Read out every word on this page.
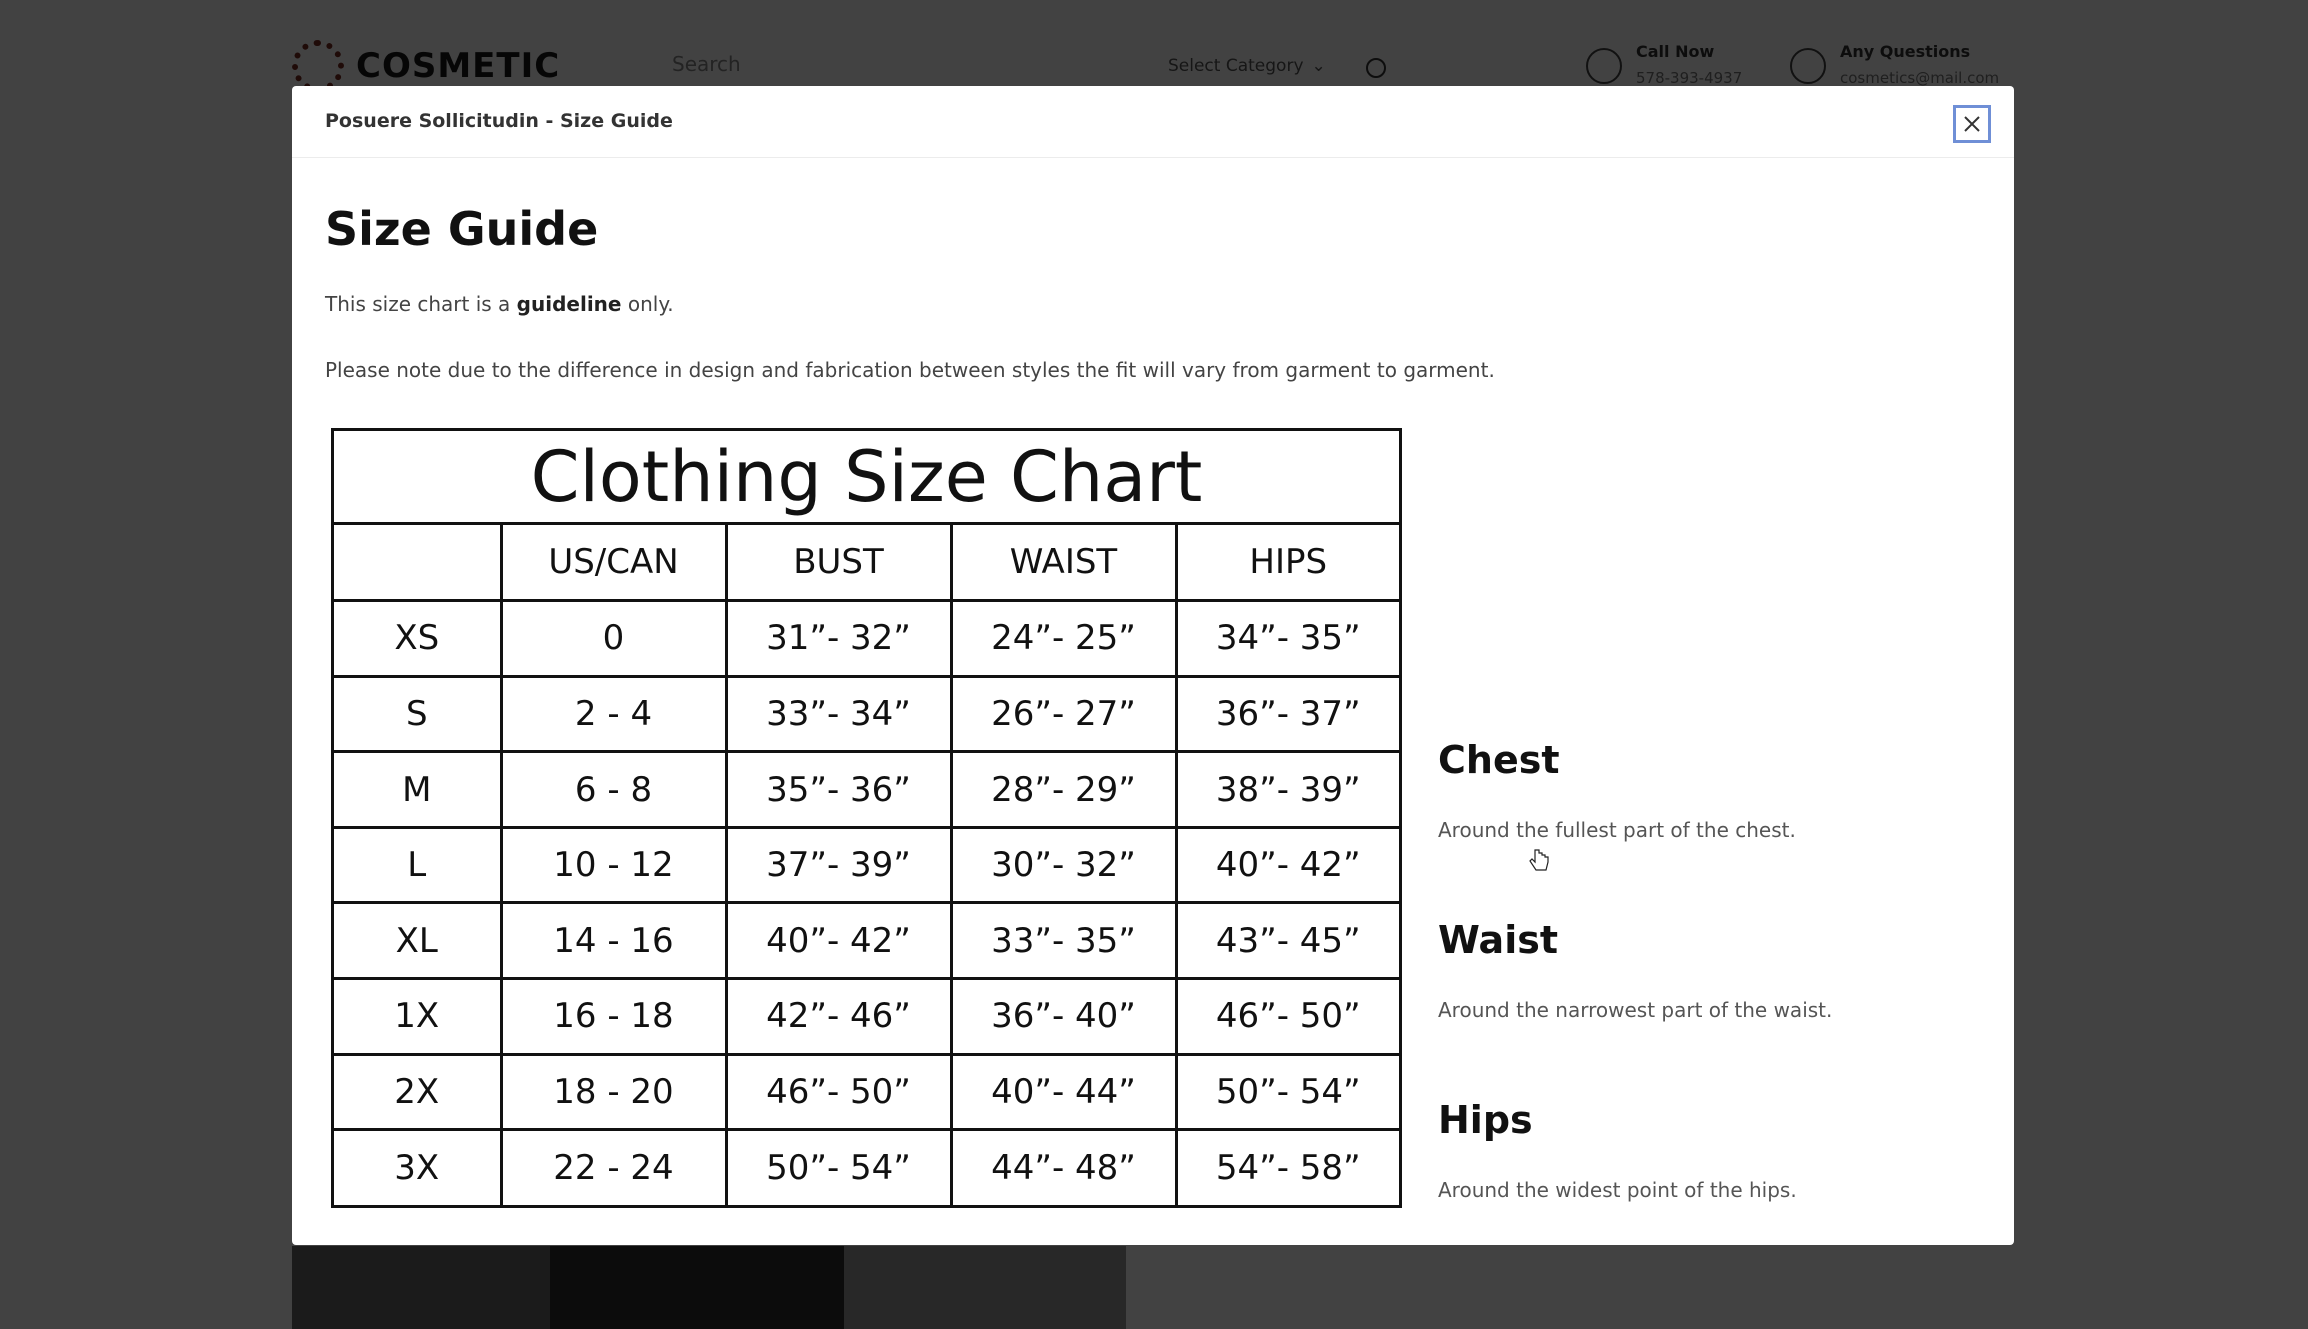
Posuere Sollicitudin - Size Guide
Size Guide

This size chart is a guideline only.

Please note due to the difference in design and fabrication between styles the fit will vary from garment to garment.

Clothing Size Chart
	US/CAN	BUST	WAIST	HIPS
XS	0	31”- 32”	24”- 25”	34”- 35”
S	2 - 4	33”- 34”	26”- 27”	36”- 37”
M	6 - 8	35”- 36”	28”- 29”	38”- 39”
L	10 - 12	37”- 39”	30”- 32”	40”- 42”
XL	14 - 16	40”- 42”	33”- 35”	43”- 45”
1X	16 - 18	42”- 46”	36”- 40”	46”- 50”
2X	18 - 20	46”- 50”	40”- 44”	50”- 54”
3X	22 - 24	50”- 54”	44”- 48”	54”- 58”
Chest

Around the fullest part of the chest.

Waist

Around the narrowest part of the waist.

Hips

Around the widest point of the hips.
